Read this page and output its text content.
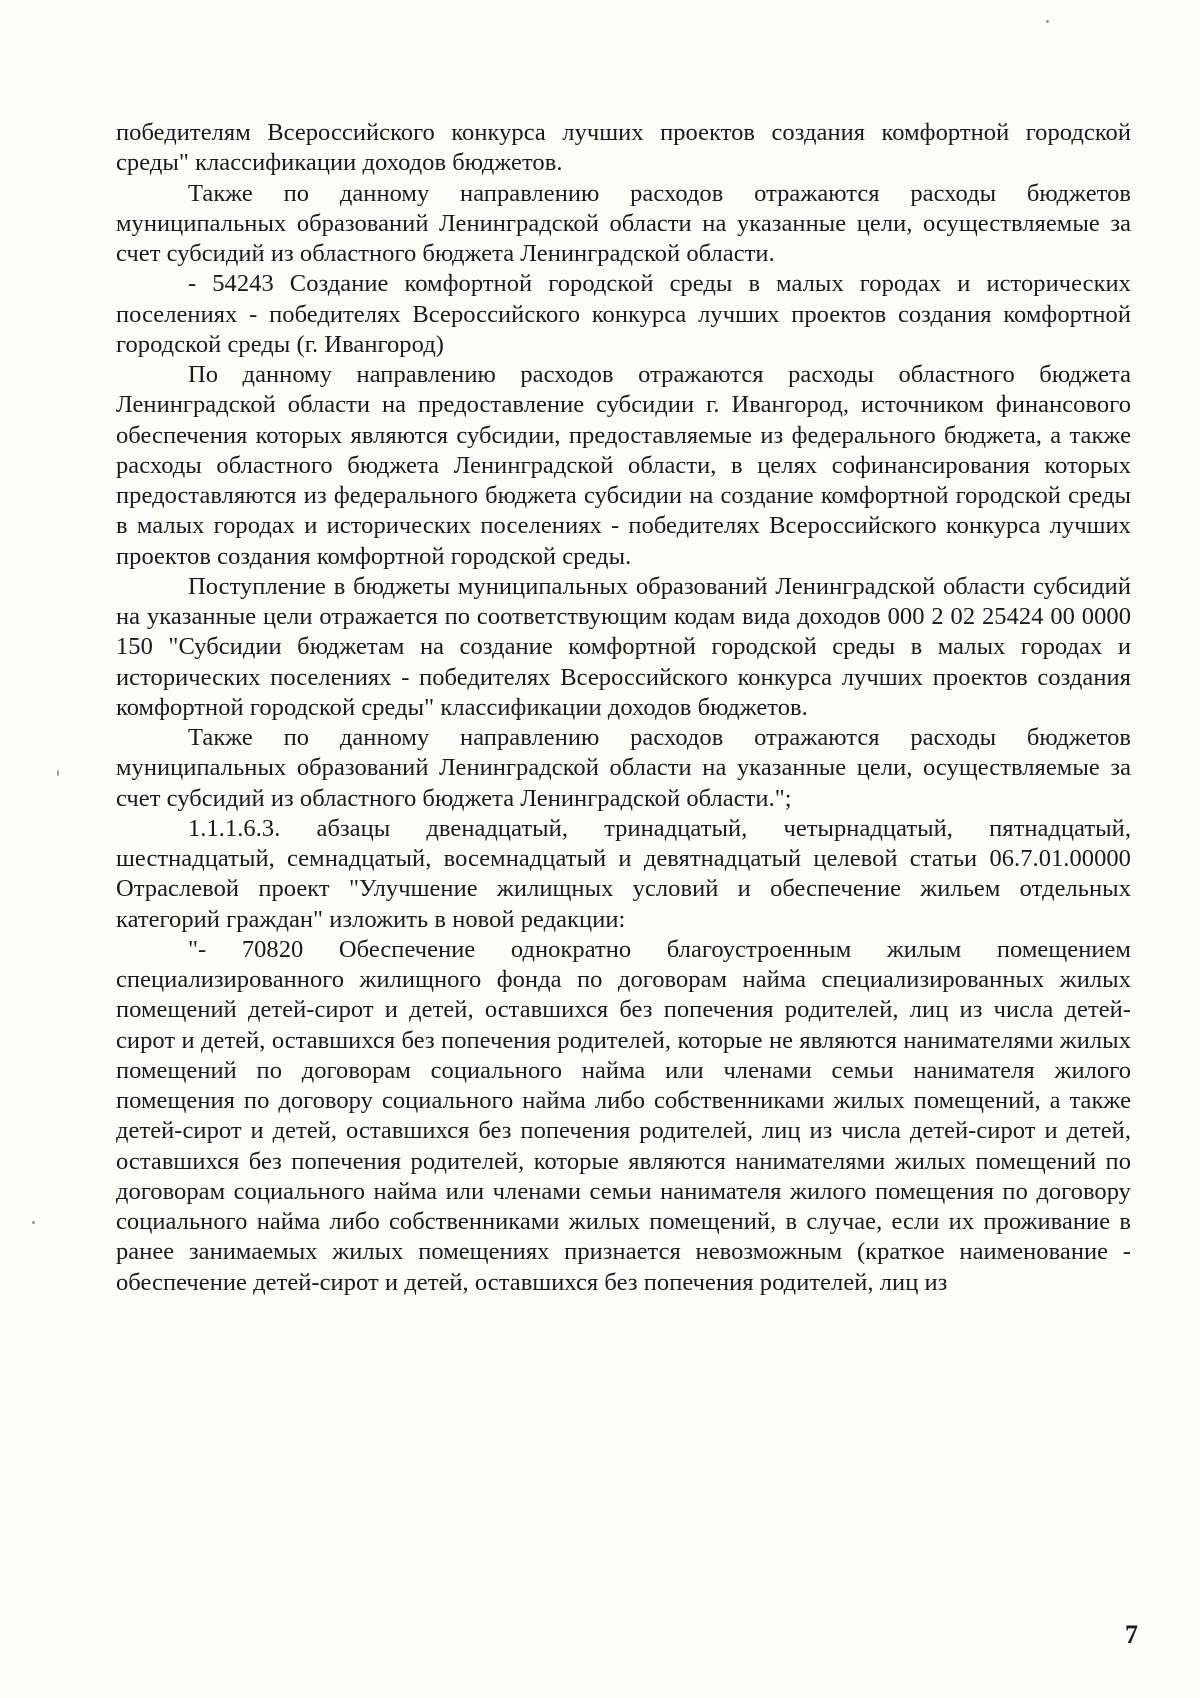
победителям Всероссийского конкурса лучших проектов создания комфортной городской среды" классификации доходов бюджетов.

Также по данному направлению расходов отражаются расходы бюджетов муниципальных образований Ленинградской области на указанные цели, осуществляемые за счет субсидий из областного бюджета Ленинградской области.

- 54243 Создание комфортной городской среды в малых городах и исторических поселениях - победителях Всероссийского конкурса лучших проектов создания комфортной городской среды (г. Ивангород)

По данному направлению расходов отражаются расходы областного бюджета Ленинградской области на предоставление субсидии г. Ивангород, источником финансового обеспечения которых являются субсидии, предоставляемые из федерального бюджета, а также расходы областного бюджета Ленинградской области, в целях софинансирования которых предоставляются из федерального бюджета субсидии на создание комфортной городской среды в малых городах и исторических поселениях - победителях Всероссийского конкурса лучших проектов создания комфортной городской среды.

Поступление в бюджеты муниципальных образований Ленинградской области субсидий на указанные цели отражается по соответствующим кодам вида доходов 000 2 02 25424 00 0000 150 "Субсидии бюджетам на создание комфортной городской среды в малых городах и исторических поселениях - победителях Всероссийского конкурса лучших проектов создания комфортной городской среды" классификации доходов бюджетов.

Также по данному направлению расходов отражаются расходы бюджетов муниципальных образований Ленинградской области на указанные цели, осуществляемые за счет субсидий из областного бюджета Ленинградской области.";

1.1.1.6.3. абзацы двенадцатый, тринадцатый, четырнадцатый, пятнадцатый, шестнадцатый, семнадцатый, восемнадцатый и девятнадцатый целевой статьи 06.7.01.00000 Отраслевой проект "Улучшение жилищных условий и обеспечение жильем отдельных категорий граждан" изложить в новой редакции:

"- 70820 Обеспечение однократно благоустроенным жилым помещением специализированного жилищного фонда по договорам найма специализированных жилых помещений детей-сирот и детей, оставшихся без попечения родителей, лиц из числа детей-сирот и детей, оставшихся без попечения родителей, которые не являются нанимателями жилых помещений по договорам социального найма или членами семьи нанимателя жилого помещения по договору социального найма либо собственниками жилых помещений, а также детей-сирот и детей, оставшихся без попечения родителей, лиц из числа детей-сирот и детей, оставшихся без попечения родителей, которые являются нанимателями жилых помещений по договорам социального найма или членами семьи нанимателя жилого помещения по договору социального найма либо собственниками жилых помещений, в случае, если их проживание в ранее занимаемых жилых помещениях признается невозможным (краткое наименование - обеспечение детей-сирот и детей, оставшихся без попечения родителей, лиц из

7
